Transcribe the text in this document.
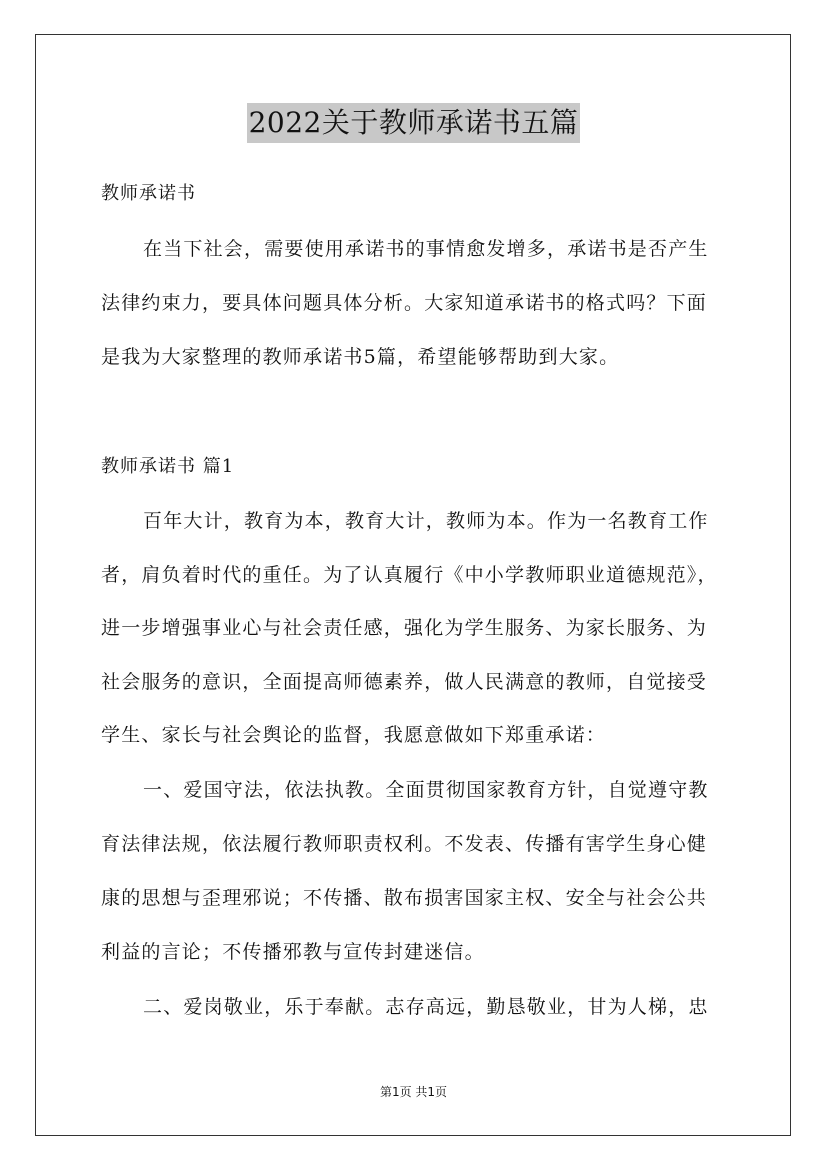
2022关于教师承诺书五篇
教师承诺书
在当下社会，需要使用承诺书的事情愈发增多，承诺书是否产生
法律约束力，要具体问题具体分析。大家知道承诺书的格式吗？下面
是我为大家整理的教师承诺书5篇，希望能够帮助到大家。
教师承诺书 篇1
百年大计，教育为本，教育大计，教师为本。作为一名教育工作
者，肩负着时代的重任。为了认真履行《中小学教师职业道德规范》，
进一步增强事业心与社会责任感，强化为学生服务、为家长服务、为
社会服务的意识，全面提高师德素养，做人民满意的教师，自觉接受
学生、家长与社会舆论的监督，我愿意做如下郑重承诺：
一、爱国守法，依法执教。全面贯彻国家教育方针，自觉遵守教
育法律法规，依法履行教师职责权利。不发表、传播有害学生身心健
康的思想与歪理邪说；不传播、散布损害国家主权、安全与社会公共
利益的言论；不传播邪教与宣传封建迷信。
二、爱岗敬业，乐于奉献。志存高远，勤恳敬业，甘为人梯，忠
第1页 共1页
